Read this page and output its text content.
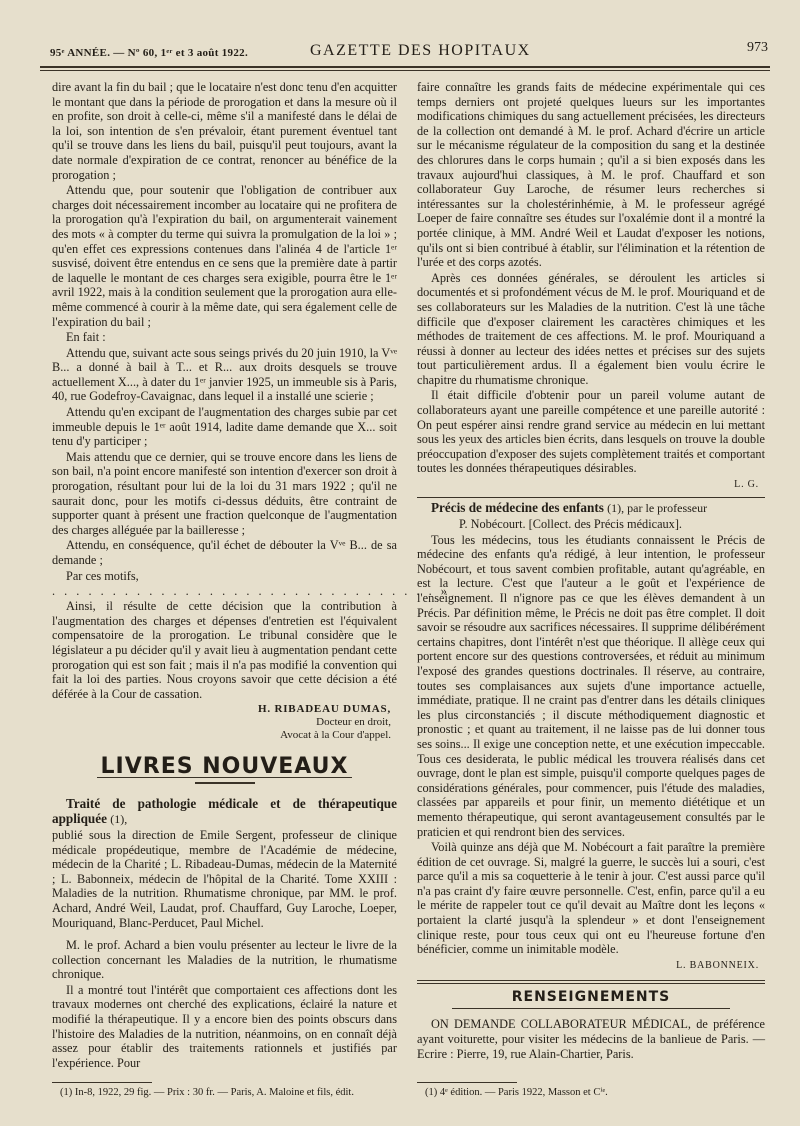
95ᵉ ANNÉE. — Nº 60, 1ᵉʳ et 3 août 1922.	GAZETTE DES HOPITAUX	973

dire avant la fin du bail ; que le locataire n'est donc tenu d'en acquitter le montant que dans la période de prorogation et dans la mesure où il en profite, son droit à celle-ci, même s'il a manifesté dans le délai de la loi, son intention de s'en prévaloir, étant purement éventuel tant qu'il se trouve dans les liens du bail, puisqu'il peut toujours, avant la date normale d'expiration de ce contrat, renoncer au bénéfice de la prorogation ;

Attendu que, pour soutenir que l'obligation de contribuer aux charges doit nécessairement incomber au locataire qui ne profitera de la prorogation qu'à l'expiration du bail, on argumenterait vainement des mots « à compter du terme qui suivra la promulgation de la loi » ; qu'en effet ces expressions contenues dans l'alinéa 4 de l'article 1ᵉʳ susvisé, doivent être entendus en ce sens que la première date à partir de laquelle le montant de ces charges sera exigible, pourra être le 1ᵉʳ avril 1922, mais à la condition seulement que la prorogation aura elle-même commencé à courir à la même date, qui sera également celle de l'expiration du bail ;

En fait :

Attendu que, suivant acte sous seings privés du 20 juin 1910, la Vᵛᵉ B... a donné à bail à T... et R... aux droits desquels se trouve actuellement X..., à dater du 1ᵉʳ janvier 1925, un immeuble sis à Paris, 40, rue Godefroy-Cavaignac, dans lequel il a installé une scierie ;

Attendu qu'en excipant de l'augmentation des charges subie par cet immeuble depuis le 1ᵉʳ août 1914, ladite dame demande que X... soit tenu d'y participer ;

Mais attendu que ce dernier, qui se trouve encore dans les liens de son bail, n'a point encore manifesté son intention d'exercer son droit à prorogation, résultant pour lui de la loi du 31 mars 1922 ; qu'il ne saurait donc, pour les motifs ci-dessus déduits, être contraint de supporter quant à présent une fraction quelconque de l'augmentation des charges alléguée par la bailleresse ;

Attendu, en conséquence, qu'il échet de débouter la Vᵛᵉ B... de sa demande ;

Par ces motifs,

. . . . . . . . . . . . . . . . . . . . . . . . . . . . . . . . »

Ainsi, il résulte de cette décision que la contribution à l'augmentation des charges et dépenses d'entretien est l'équivalent compensatoire de la prorogation. Le tribunal considère que le législateur a pu décider qu'il y avait lieu à augmentation pendant cette prorogation qui est son fait ; mais il n'a pas modifié la convention qui fait la loi des parties. Nous croyons savoir que cette décision a été déférée à la Cour de cassation.

H. RIBADEAU DUMAS,
Docteur en droit,
Avocat à la Cour d'appel.
LIVRES NOUVEAUX

Traité de pathologie médicale et de thérapeutique appliquée (1),

publié sous la direction de Emile Sergent, professeur de clinique médicale propédeutique, membre de l'Académie de médecine, médecin de la Charité ; L. Ribadeau-Dumas, médecin de la Maternité ; L. Babonneix, médecin de l'hôpital de la Charité. Tome XXIII : Maladies de la nutrition. Rhumatisme chronique, par MM. le prof. Achard, André Weil, Laudat, prof. Chauffard, Guy Laroche, Loeper, Mouriquand, Blanc-Perducet, Paul Michel.

M. le prof. Achard a bien voulu présenter au lecteur le livre de la collection concernant les Maladies de la nutrition, le rhumatisme chronique.

Il a montré tout l'intérêt que comportaient ces affections dont les travaux modernes ont cherché des explications, éclairé la nature et modifié la thérapeutique. Il y a encore bien des points obscurs dans l'histoire des Maladies de la nutrition, néanmoins, on en connaît déjà assez pour établir des traitements rationnels et justifiés par l'expérience. Pour

(1) In-8, 1922, 29 fig. — Prix : 30 fr. — Paris, A. Maloine et fils, édit.

faire connaître les grands faits de médecine expérimentale qui ces temps derniers ont projeté quelques lueurs sur les importantes modifications chimiques du sang actuellement précisées, les directeurs de la collection ont demandé à M. le prof. Achard d'écrire un article sur le mécanisme régulateur de la composition du sang et la destinée des chlorures dans le corps humain ; qu'il a si bien exposés dans les travaux aujourd'hui classiques, à M. le prof. Chauffard et son collaborateur Guy Laroche, de résumer leurs recherches si intéressantes sur la cholestérinhémie, à M. le professeur agrégé Loeper de faire connaître ses études sur l'oxalémie dont il a montré la portée clinique, à MM. André Weil et Laudat d'exposer les notions, qu'ils ont si bien contribué à établir, sur l'élimination et la rétention de l'urée et des corps azotés.

Après ces données générales, se déroulent les articles si documentés et si profondément vécus de M. le prof. Mouriquand et de ses collaborateurs sur les Maladies de la nutrition. C'est là une tâche difficile que d'exposer clairement les caractères chimiques et les méthodes de traitement de ces affections. M. le prof. Mouriquand a réussi à donner au lecteur des idées nettes et précises sur des sujets tout particulièrement ardus. Il a également bien voulu écrire le chapitre du rhumatisme chronique.

Il était difficile d'obtenir pour un pareil volume autant de collaborateurs ayant une pareille compétence et une pareille autorité : On peut espérer ainsi rendre grand service au médecin en lui mettant sous les yeux des articles bien écrits, dans lesquels on trouve la double préoccupation d'exposer des sujets complètement traités et comportant toutes les données thérapeutiques désirables.

L. G.

Précis de médecine des enfants (1), par le professeur

P. Nobécourt. [Collect. des Précis médicaux].

Tous les médecins, tous les étudiants connaissent le Précis de médecine des enfants qu'a rédigé, à leur intention, le professeur Nobécourt, et tous savent combien profitable, autant qu'agréable, en est la lecture. C'est que l'auteur a le goût et l'expérience de l'enseignement. Il n'ignore pas ce que les élèves demandent à un Précis. Par définition même, le Précis ne doit pas être complet. Il doit savoir se résoudre aux sacrifices nécessaires. Il supprime délibérément certains chapitres, dont l'intérêt n'est que théorique. Il allège ceux qui portent encore sur des questions controversées, et réduit au minimum l'exposé des grandes questions doctrinales. Il réserve, au contraire, toutes ses complaisances aux sujets d'une importance actuelle, immédiate, pratique. Il ne craint pas d'entrer dans les détails cliniques les plus circonstanciés ; il discute méthodiquement diagnostic et pronostic ; et quant au traitement, il ne laisse pas de lui donner tous ses soins... Il exige une conception nette, et une exécution impeccable. Tous ces desiderata, le public médical les trouvera réalisés dans cet ouvrage, dont le plan est simple, puisqu'il comporte quelques pages de considérations générales, pour commencer, puis l'étude des maladies, classées par appareils et pour finir, un memento diététique et un memento thérapeutique, qui seront avantageusement consultés par le praticien et qui rendront bien des services.

Voilà quinze ans déjà que M. Nobécourt a fait paraître la première édition de cet ouvrage. Si, malgré la guerre, le succès lui a souri, c'est parce qu'il a mis sa coquetterie à le tenir à jour. C'est aussi parce qu'il n'a pas craint d'y faire œuvre personnelle. C'est, enfin, parce qu'il a eu le mérite de rappeler tout ce qu'il devait au Maître dont les leçons « portaient la clarté jusqu'à la splendeur » et dont l'enseignement clinique reste, pour tous ceux qui ont eu l'heureuse fortune d'en bénéficier, comme un inimitable modèle.

L. BABONNEIX.
RENSEIGNEMENTS

ON DEMANDE COLLABORATEUR MÉDICAL, de préférence ayant voiturette, pour visiter les médecins de la banlieue de Paris. — Ecrire : Pierre, 19, rue Alain-Chartier, Paris.

(1) 4ᵉ édition. — Paris 1922, Masson et Cⁱᵉ.
